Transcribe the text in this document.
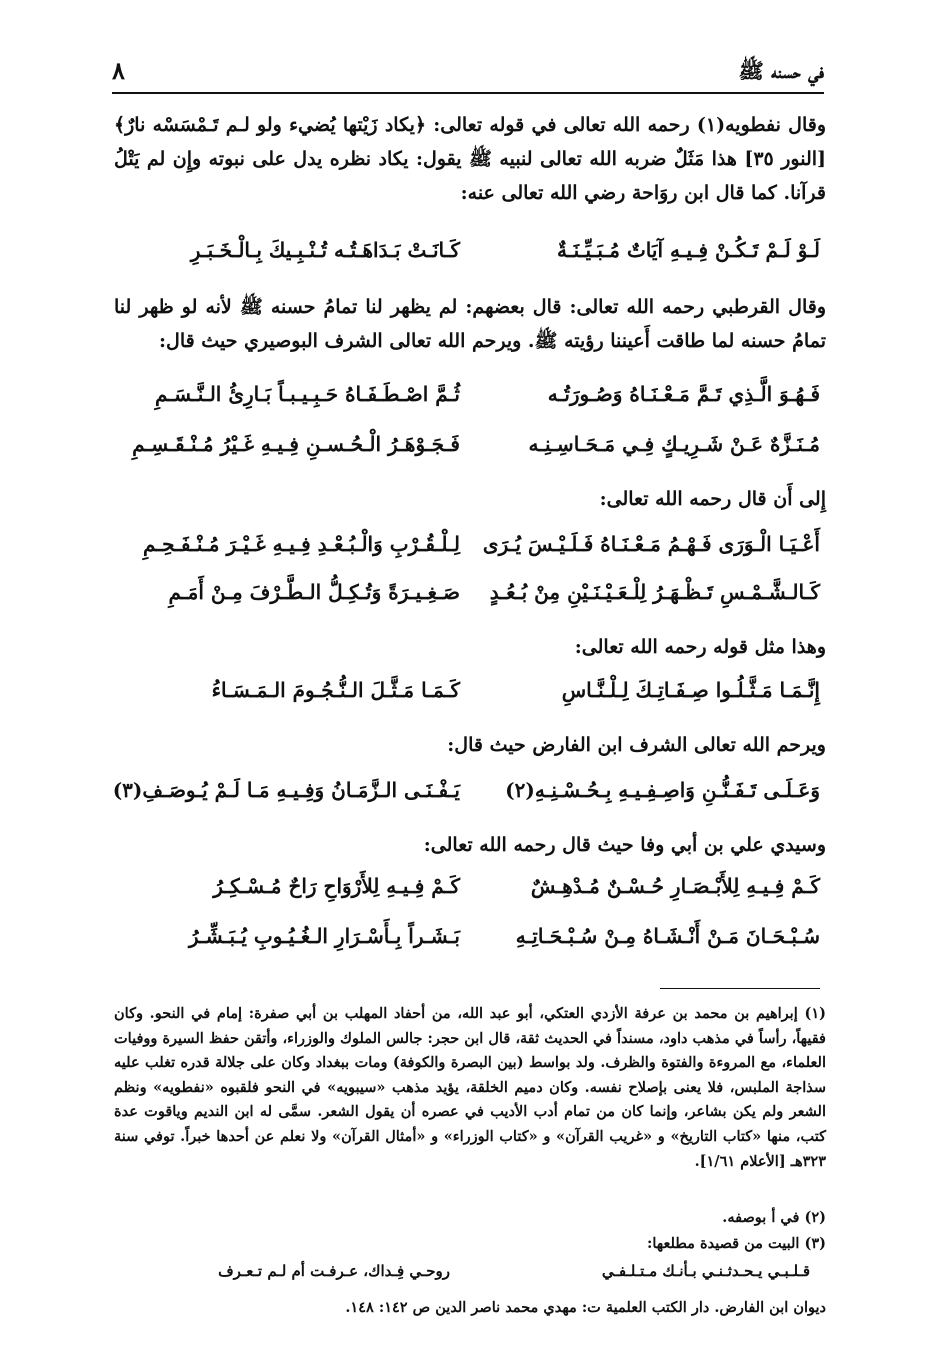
في حسنه ﷺ
٨
وقال نفطويه(١) رحمه الله تعالى في قوله تعالى: ﴿يكاد زَيْتها يُضيء ولو لـم تَـمْسَسْه نارٌ﴾ [النور ٣٥] هذا مَثَلٌ ضربه الله تعالى لنبيه ﷺ يقول: يكاد نظره يدل على نبوته وإِن لم يَتْلُ قرآنا. كما قال ابن روَاحة رضي الله تعالى عنه:
لَـوْ لَـمْ تَـكُـنْ فِـيـهِ آيَاتٌ مُـبَـيِّـنَـةٌ
كَـانَـتْ بَـدَاهَـتُـه تُـنْـبِـيكَ بِـالْـخَـبَـرِ
وقال القرطبي رحمه الله تعالى: قال بعضهم: لم يظهر لنا تمامُ حسنه ﷺ لأنه لو ظهر لنا تمامُ حسنه لما طاقت أَعيننا رؤيته ﷺ. ويرحم الله تعالى الشرف البوصيري حيث قال:
فَـهُـوَ الَّـذِي تَـمَّ مَـعْـنَـاهُ وَصُـورَتُـه
ثُـمَّ اصْـطَـفَـاهُ حَـبِـيـبـاً بَـارِئُ الـنَّـسَـمِ
مُـنَـزَّهٌ عَـنْ شَـرِيـكٍ فِـي مَـحَـاسِـنِـه
فَـجَـوْهَـرُ الْـحُـسـنِ فِـيـهِ غَـيْرُ مُـنْـقَـسِـمِ
إِلى أَن قال رحمه الله تعالى:
أَعْـيَـا الْـوَرَى فَـهْـمُ مَـعْـنَـاهُ فَـلَـيْـسَ يُـرَى
لِـلْـقُـرْبِ وَالْـبُـعْـدِ فِـيـهِ غَـيْـرَ مُـنْـفَـحِـمِ
كَـالـشَّـمْـسِ تَـظْـهَـرُ لِلْـعَـيْـنَـيْنِ مِنْ بُـعُـدٍ
صَـغِـيـرَةً وَتُـكِـلُّ الـطَّـرْفَ مِـنْ أَمَـمِ
وهذا مثل قوله رحمه الله تعالى:
إِنَّـمَـا مَـثَّـلُـوا صِـفَـاتِـكَ لِـلْـنَّـاسِ
كَـمَـا مَـثَّـلَ الـنُّـجُـومَ الـمَـسَـاءُ
ويرحم الله تعالى الشرف ابن الفارض حيث قال:
وَعَـلَـى تَـفَـنُّـنِ وَاصِـفِـيـهِ بِـحُـسْـنِـهِ(٢)
يَـفْـنَـى الـزَّمَـانُ وَفِـيـهِ مَـا لَـمْ يُـوصَـفِ(٣)
وسيدي علي بن أبي وفا حيث قال رحمه الله تعالى:
كَـمْ فِـيـهِ لِلأَبْـصَـارِ حُـسْـنٌ مُـدْهِـشٌ
كَـمْ فِـيـهِ لِلأَرْوَاحِ رَاحٌ مُـسْـكِـرُ
سُـبْـحَـانَ مَـنْ أَنْـشَـاهُ مِـنْ سُـبْـحَـاتِـهِ
بَـشَـراً بِـأَسْـرَارِ الـغُـيُـوبِ يُـبَـشِّـرُ
(١) إبراهيم بن محمد بن عرفة الأزدي العتكي، أبو عبد الله، من أحفاد المهلب بن أبي صفرة: إمام في النحو. وكان فقيهاً، رأساً في مذهب داود، مسنداً في الحديث ثقة، قال ابن حجر: جالس الملوك والوزراء، وأتقن حفظ السيرة ووفيات العلماء، مع المروءة والفتوة والظرف. ولد بواسط (بين البصرة والكوفة) ومات ببغداد وكان على جلالة قدره تغلب عليه سذاجة الملبس، فلا يعنى بإصلاح نفسه. وكان دميم الخلقة، يؤيد مذهب «سيبويه» في النحو فلقبوه «نفطويه» ونظم الشعر ولم يكن بشاعر، وإنما كان من تمام أدب الأديب في عصره أن يقول الشعر. سمَّى له ابن النديم وياقوت عدة كتب، منها «كتاب التاريخ» و «غريب القرآن» و «كتاب الوزراء» و «أمثال القرآن» ولا نعلم عن أحدها خبراً. توفي سنة ٣٢٣هـ [الأعلام ١/٦١].
(٢) في أ بوصفه.
(٣) البيت من قصيدة مطلعها:
قـلـبـي يـحـدثـنـي بـأنـك مـتـلـفـي
روحـي فِـداك، عـرفـت أم لـم تـعـرف
ديوان ابن الفارض. دار الكتب العلمية ت: مهدي محمد ناصر الدين ص ١٤٢: ١٤٨.
